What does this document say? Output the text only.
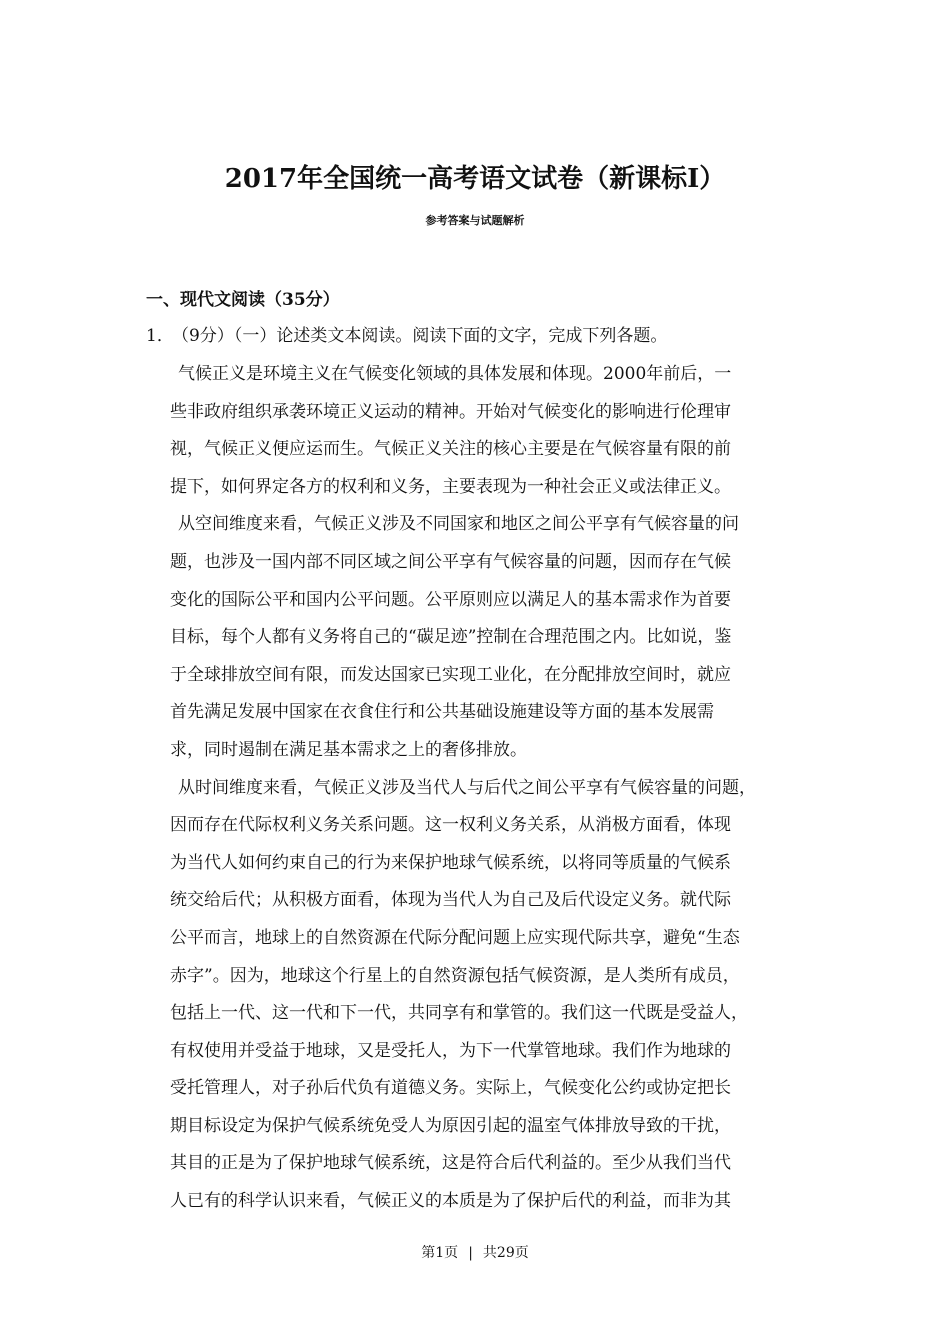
2017年全国统一高考语文试卷（新课标I）
参考答案与试题解析
一、现代文阅读（35分）
1．（9分）（一）论述类文本阅读。阅读下面的文字，完成下列各题。
气候正义是环境主义在气候变化领域的具体发展和体现。2000年前后，一
些非政府组织承袭环境正义运动的精神。开始对气候变化的影响进行伦理审
视，气候正义便应运而生。气候正义关注的核心主要是在气候容量有限的前
提下，如何界定各方的权利和义务，主要表现为一种社会正义或法律正义。
从空间维度来看，气候正义涉及不同国家和地区之间公平享有气候容量的问
题，也涉及一国内部不同区域之间公平享有气候容量的问题，因而存在气候
变化的国际公平和国内公平问题。公平原则应以满足人的基本需求作为首要
目标，每个人都有义务将自己的“碳足迹”控制在合理范围之内。比如说，鉴
于全球排放空间有限，而发达国家已实现工业化，在分配排放空间时，就应
首先满足发展中国家在衣食住行和公共基础设施建设等方面的基本发展需
求，同时遏制在满足基本需求之上的奢侈排放。
从时间维度来看，气候正义涉及当代人与后代之间公平享有气候容量的问题，
因而存在代际权利义务关系问题。这一权利义务关系，从消极方面看，体现
为当代人如何约束自己的行为来保护地球气候系统，以将同等质量的气候系
统交给后代；从积极方面看，体现为当代人为自己及后代设定义务。就代际
公平而言，地球上的自然资源在代际分配问题上应实现代际共享，避免“生态
赤字”。因为，地球这个行星上的自然资源包括气候资源，是人类所有成员，
包括上一代、这一代和下一代，共同享有和掌管的。我们这一代既是受益人，
有权使用并受益于地球，又是受托人，为下一代掌管地球。我们作为地球的
受托管理人，对子孙后代负有道德义务。实际上，气候变化公约或协定把长
期目标设定为保护气候系统免受人为原因引起的温室气体排放导致的干扰，
其目的正是为了保护地球气候系统，这是符合后代利益的。至少从我们当代
人已有的科学认识来看，气候正义的本质是为了保护后代的利益，而非为其
第1页 | 共29页
